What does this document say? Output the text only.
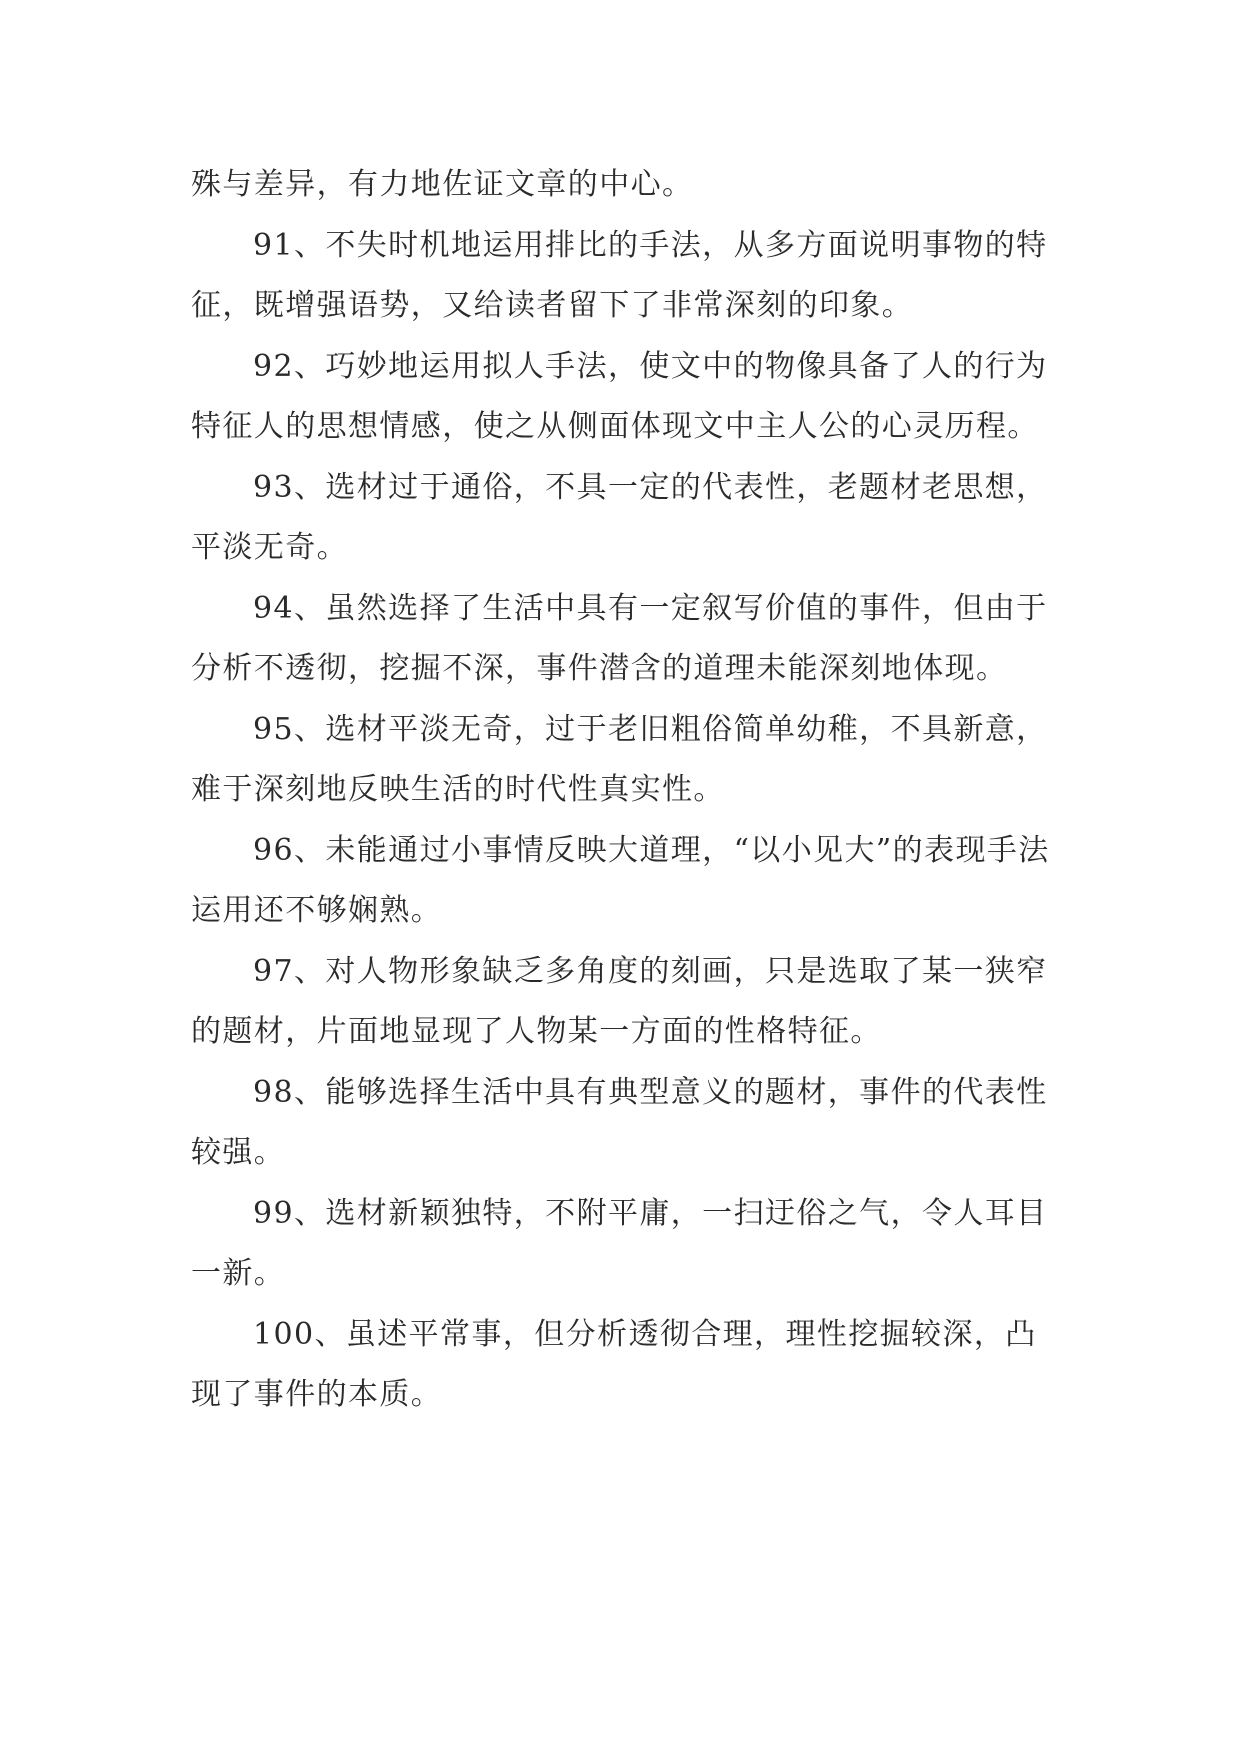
殊与差异，有力地佐证文章的中心。

91、不失时机地运用排比的手法，从多方面说明事物的特征，既增强语势，又给读者留下了非常深刻的印象。

92、巧妙地运用拟人手法，使文中的物像具备了人的行为特征人的思想情感，使之从侧面体现文中主人公的心灵历程。

93、选材过于通俗，不具一定的代表性，老题材老思想，平淡无奇。

94、虽然选择了生活中具有一定叙写价值的事件，但由于分析不透彻，挖掘不深，事件潜含的道理未能深刻地体现。

95、选材平淡无奇，过于老旧粗俗简单幼稚，不具新意，难于深刻地反映生活的时代性真实性。

96、未能通过小事情反映大道理，“以小见大”的表现手法运用还不够娴熟。

97、对人物形象缺乏多角度的刻画，只是选取了某一狭窄的题材，片面地显现了人物某一方面的性格特征。

98、能够选择生活中具有典型意义的题材，事件的代表性较强。

99、选材新颖独特，不附平庸，一扫迂俗之气，令人耳目一新。

100、虽述平常事，但分析透彻合理，理性挖掘较深，凸现了事件的本质。
